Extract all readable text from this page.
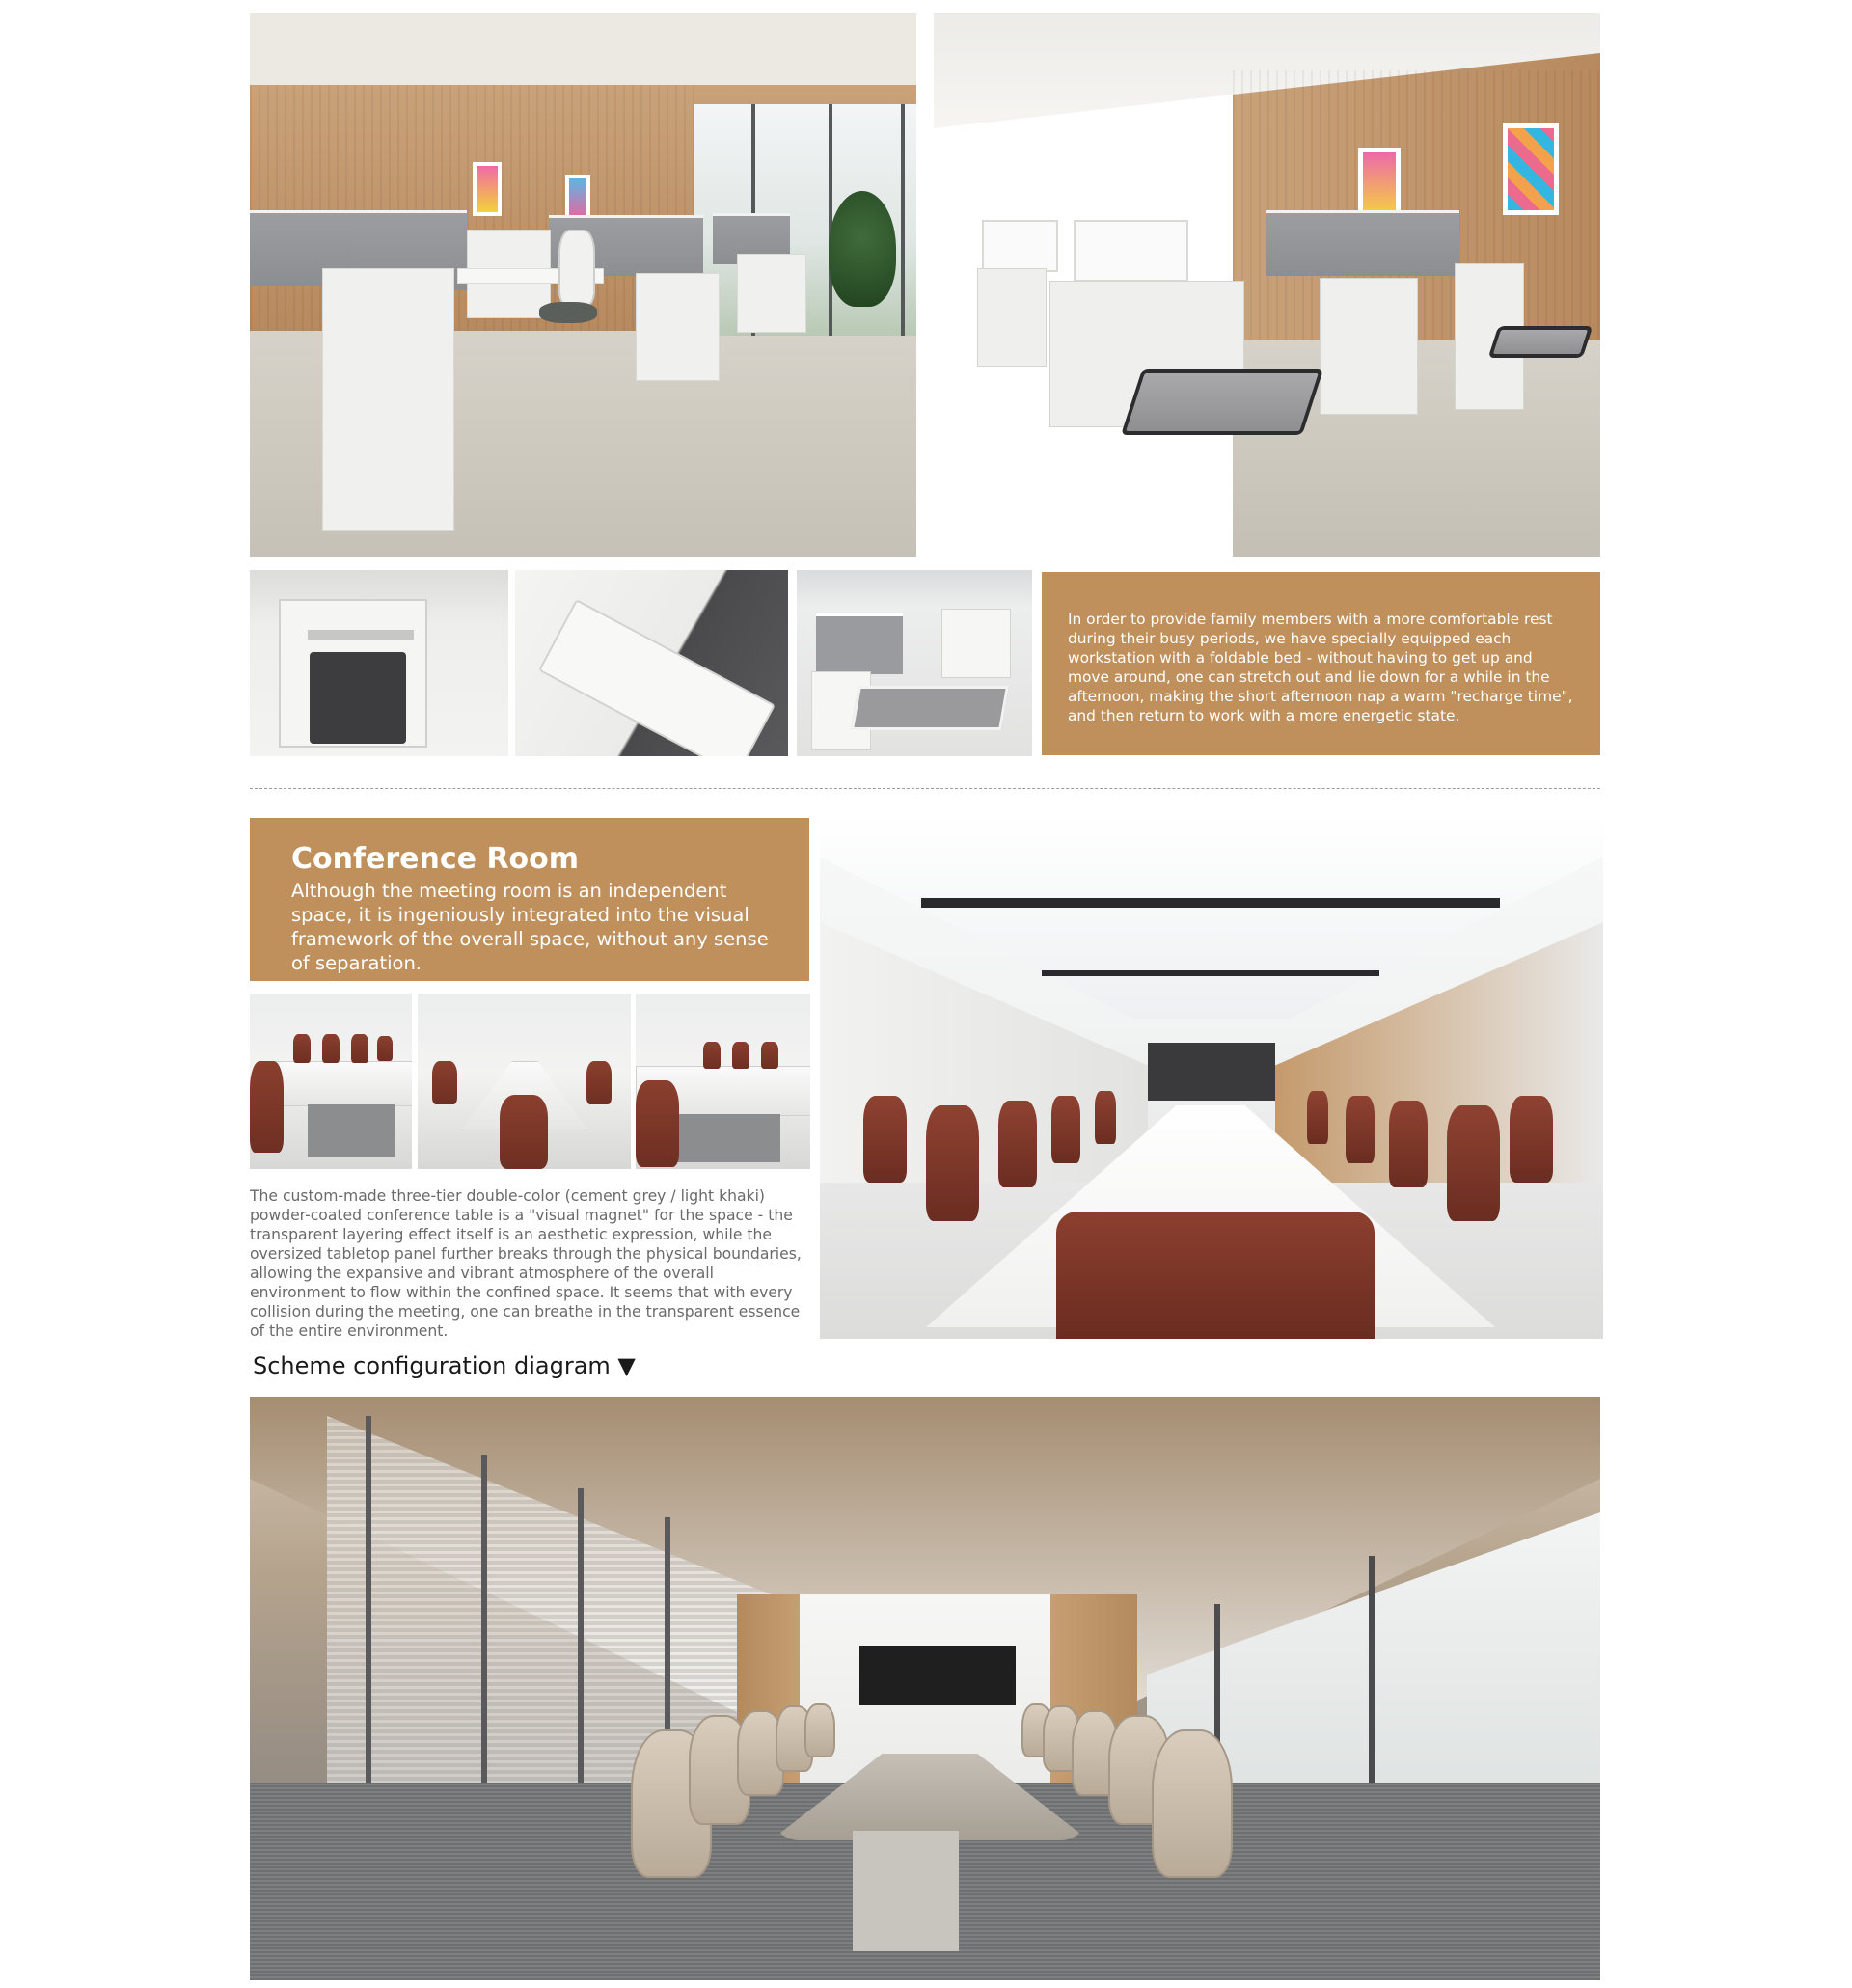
In order to provide family members with a more comfortable rest during their busy periods, we have specially equipped each workstation with a foldable bed - without having to get up and move around, one can stretch out and lie down for a while in the afternoon, making the short afternoon nap a warm "recharge time", and then return to work with a more energetic state.

Conference Room

Although the meeting room is an independent space, it is ingeniously integrated into the visual framework of the overall space, without any sense of separation.

The custom-made three-tier double-color (cement grey / light khaki) powder-coated conference table is a "visual magnet" for the space - the transparent layering effect itself is an aesthetic expression, while the oversized tabletop panel further breaks through the physical boundaries, allowing the expansive and vibrant atmosphere of the overall environment to flow within the confined space. It seems that with every collision during the meeting, one can breathe in the transparent essence of the entire environment.

Scheme configuration diagram ▼
